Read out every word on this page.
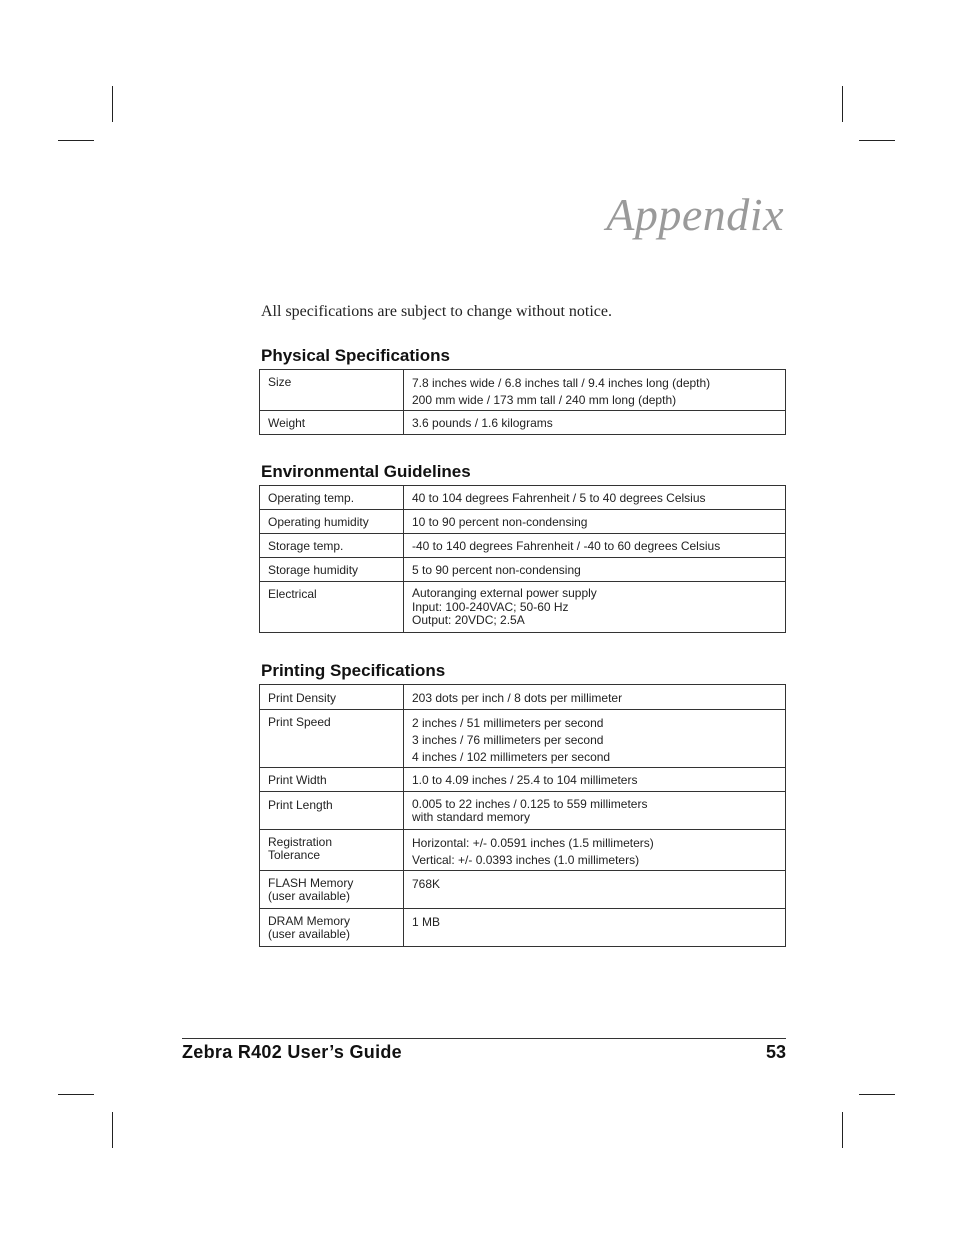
Appendix
All specifications are subject to change without notice.
Physical Specifications
Size	7.8 inches wide / 6.8 inches tall / 9.4 inches long (depth)
200 mm wide / 173 mm tall / 240 mm long (depth)

Weight	3.6 pounds / 1.6 kilograms
Environmental Guidelines
Operating temp.	40 to 104 degrees Fahrenheit / 5 to 40 degrees Celsius

Operating humidity	10 to 90 percent non-condensing

Storage temp.	-40 to 140 degrees Fahrenheit / -40 to 60 degrees Celsius

Storage humidity	5 to 90 percent non-condensing

Electrical	Autoranging external power supply
Input: 100-240VAC; 50-60 Hz
Output: 20VDC; 2.5A
Printing Specifications
Print Density	203 dots per inch / 8 dots per millimeter

Print Speed	2 inches / 51 millimeters per second
3 inches / 76 millimeters per second
4 inches / 102 millimeters per second

Print Width	1.0 to 4.09 inches / 25.4 to 104 millimeters

Print Length	0.005 to 22 inches / 0.125 to 559 millimeters
with standard memory

Registration
Tolerance	Horizontal: +/- 0.0591 inches (1.5 millimeters)
Vertical: +/- 0.0393 inches (1.0 millimeters)

FLASH Memory
(user available)	768K

DRAM Memory
(user available)	1 MB
Zebra R402 User’s Guide	53
